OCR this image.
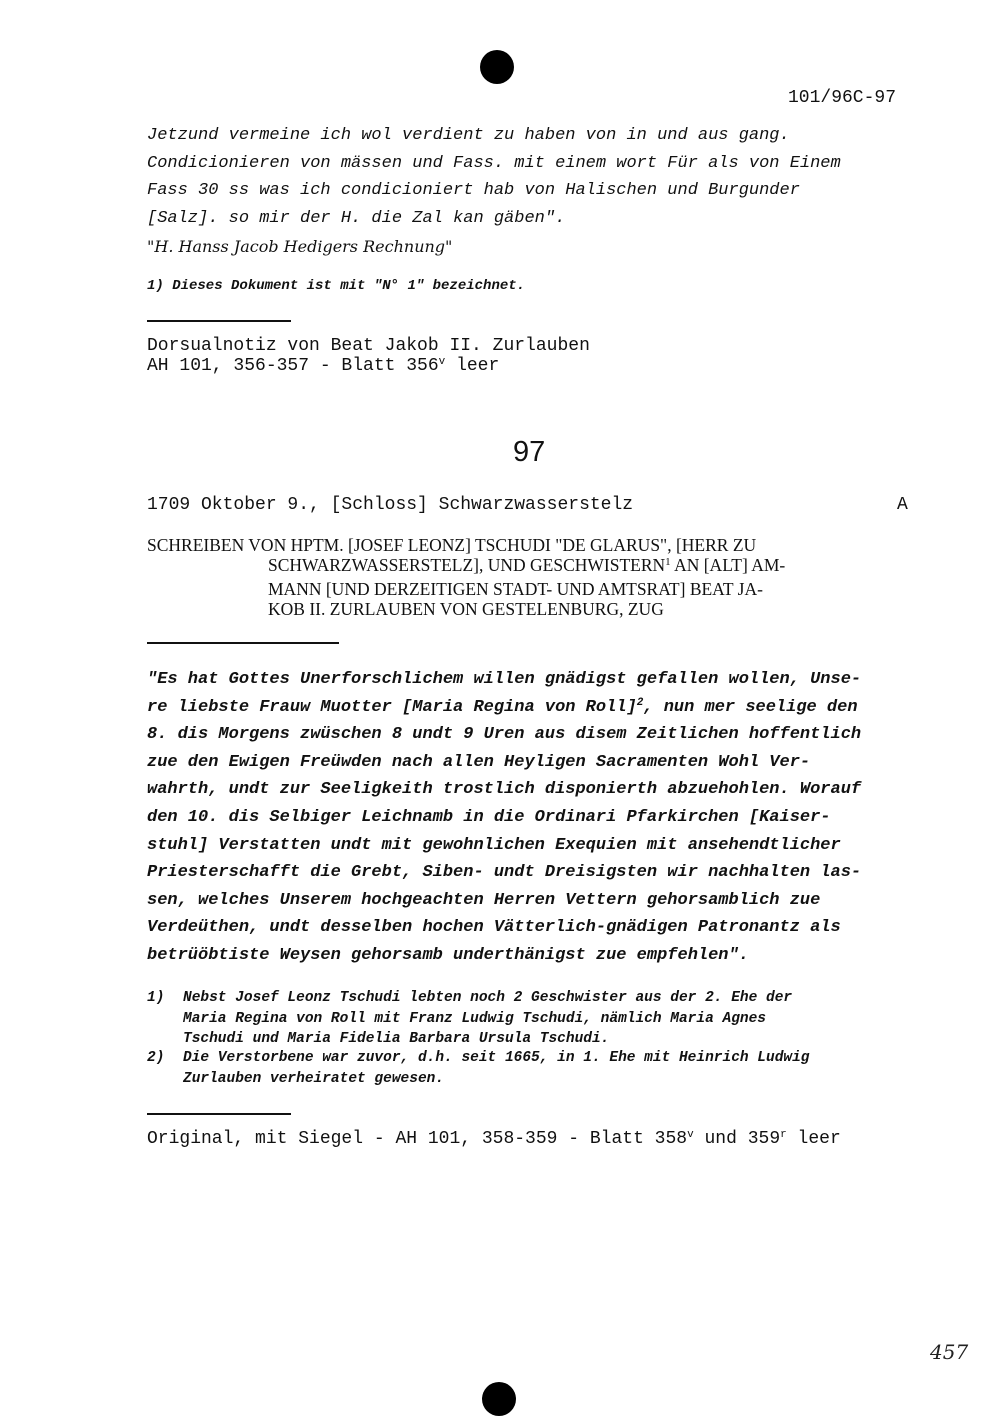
101/96C-97
Jetzund vermeine ich wol verdient zu haben von in und aus gang.
Condicionieren von mässen und Fass. mit einem wort Für als von Einem
Fass 30 ss was ich condicioniert hab von Halischen und Burgunder
[Salz]. so mir der H. die Zal kan gäben".
"H. Hanss Jacob Hedigers Rechnung"
1) Dieses Dokument ist mit "N° 1" bezeichnet.
Dorsualnotiz von Beat Jakob II. Zurlauben
AH 101, 356-357 - Blatt 356$^v$ leer
97
1709 Oktober 9., [Schloss] Schwarzwasserstelz	A
SCHREIBEN VON HPTM. [JOSEF LEONZ] TSCHUDI "DE GLARUS", [HERR ZU
SCHWARZWASSERSTELZ], UND GESCHWISTERN$^1$ AN [ALT] AM-
MANN [UND DERZEITIGEN STADT- UND AMTSRAT] BEAT JA-
KOB II. ZURLAUBEN VON GESTELENBURG, ZUG
"Es hat Gottes Unerforschlichem willen gnädigst gefallen wollen, Unse-
re liebste Frauw Muotter [Maria Regina von Roll]$^2$, nun mer seelige den
8. dis Morgens zwüschen 8 undt 9 Uren aus disem Zeitlichen hoffentlich
zue den Ewigen Freüwden nach allen Heyligen Sacramenten Wohl Ver-
wahrth, undt zur Seeligkeith trostlich disponierth abzuehohlen. Worauf
den 10. dis Selbiger Leichnamb in die Ordinari Pfarkirchen [Kaiser-
stuhl] Verstatten undt mit gewohnlichen Exequien mit ansehendtlicher
Priesterschafft die Grebt, Siben- undt Dreisigsten wir nachhalten las-
sen, welches Unserem hochgeachten Herren Vettern gehorsamblich zue
Verdeüthen, undt desselben hochen Vätterlich-gnädigen Patronantz als
betrüöbtiste Weysen gehorsamb underthänigst zue empfehlen".
1) Nebst Josef Leonz Tschudi lebten noch 2 Geschwister aus der 2. Ehe der
Maria Regina von Roll mit Franz Ludwig Tschudi, nämlich Maria Agnes
Tschudi und Maria Fidelia Barbara Ursula Tschudi.
2) Die Verstorbene war zuvor, d.h. seit 1665, in 1. Ehe mit Heinrich Ludwig
Zurlauben verheiratet gewesen.
Original, mit Siegel - AH 101, 358-359 - Blatt 358$^v$ und 359$^r$ leer
457
